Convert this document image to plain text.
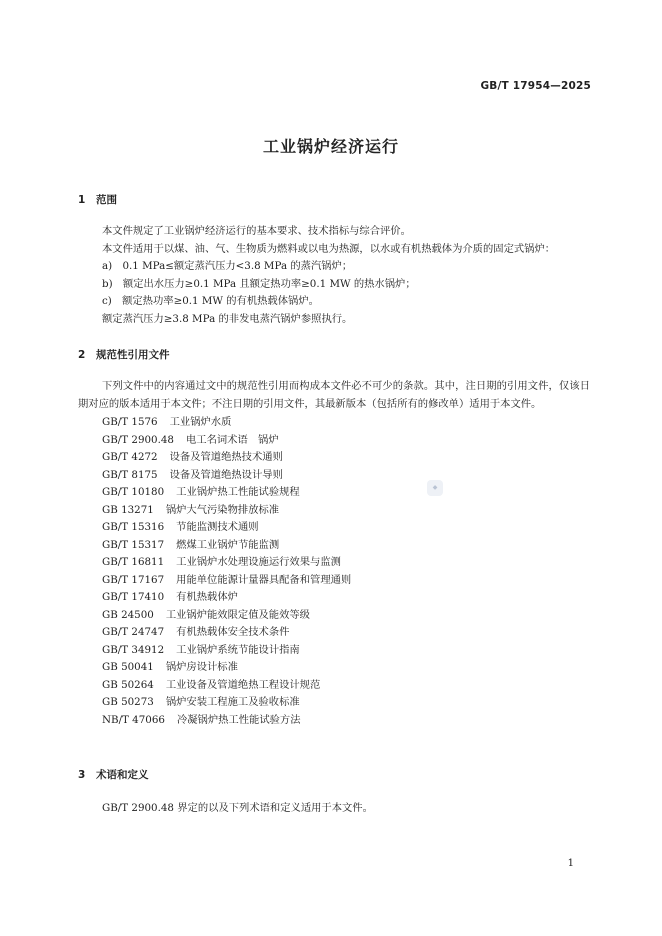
GB/T 17954—2025
工业锅炉经济运行
1 范围
本文件规定了工业锅炉经济运行的基本要求、技术指标与综合评价。
本文件适用于以煤、油、气、生物质为燃料或以电为热源，以水或有机热载体为介质的固定式锅炉：
a)　0.1 MPa≤额定蒸汽压力<3.8 MPa 的蒸汽锅炉；
b)　额定出水压力≥0.1 MPa 且额定热功率≥0.1 MW 的热水锅炉；
c)　额定热功率≥0.1 MW 的有机热载体锅炉。
额定蒸汽压力≥3.8 MPa 的非发电蒸汽锅炉参照执行。
2 规范性引用文件

下列文件中的内容通过文中的规范性引用而构成本文件必不可少的条款。其中，注日期的引用文件，仅该日期对应的版本适用于本文件；不注日期的引用文件，其最新版本（包括所有的修改单）适用于本文件。

GB/T 1576 工业锅炉水质
GB/T 2900.48 电工名词术语　锅炉
GB/T 4272 设备及管道绝热技术通则
GB/T 8175 设备及管道绝热设计导则
GB/T 10180 工业锅炉热工性能试验规程
GB 13271 锅炉大气污染物排放标准
GB/T 15316 节能监测技术通则
GB/T 15317 燃煤工业锅炉节能监测
GB/T 16811 工业锅炉水处理设施运行效果与监测
GB/T 17167 用能单位能源计量器具配备和管理通则
GB/T 17410 有机热载体炉
GB 24500 工业锅炉能效限定值及能效等级
GB/T 24747 有机热载体安全技术条件
GB/T 34912 工业锅炉系统节能设计指南
GB 50041 锅炉房设计标准
GB 50264 工业设备及管道绝热工程设计规范
GB 50273 锅炉安装工程施工及验收标准
NB/T 47066 冷凝锅炉热工性能试验方法
3 术语和定义
GB/T 2900.48 界定的以及下列术语和定义适用于本文件。
◆
1
